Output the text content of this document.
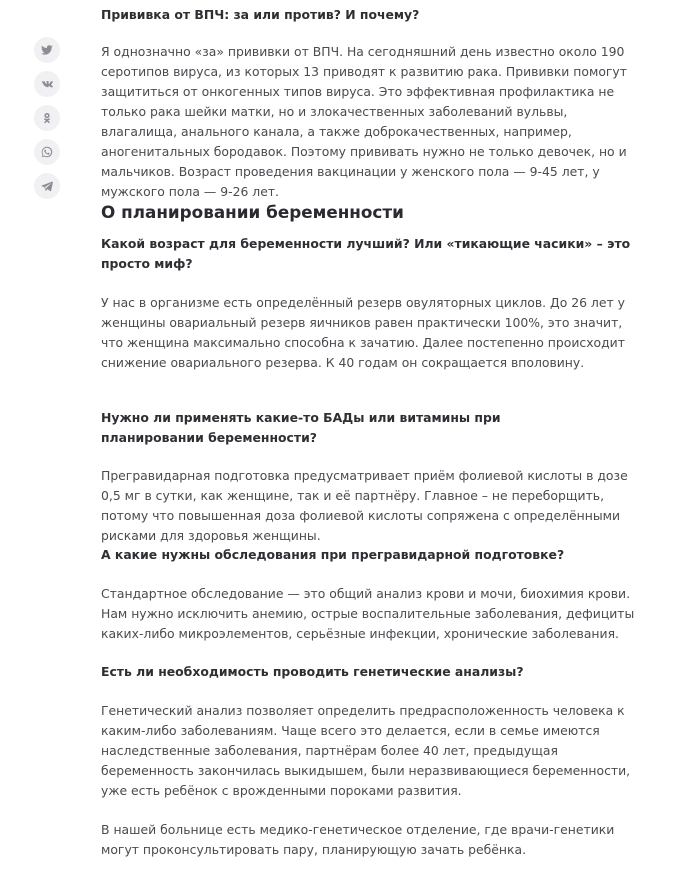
Прививка от ВПЧ: за или против? И почему?

Я однозначно «за» прививки от ВПЧ. На сегодняшний день известно около 190 серотипов вируса, из которых 13 приводят к развитию рака. Прививки помогут защититься от онкогенных типов вируса. Это эффективная профилактика не только рака шейки матки, но и злокачественных заболеваний вульвы, влагалища, анального канала, а также доброкачественных, например, аногенитальных бородавок. Поэтому прививать нужно не только девочек, но и мальчиков. Возраст проведения вакцинации у женского пола — 9-45 лет, у мужского пола — 9-26 лет.

О планировании беременности

Какой возраст для беременности лучший? Или «тикающие часики» – это просто миф?

У нас в организме есть определённый резерв овуляторных циклов. До 26 лет у женщины овариальный резерв яичников равен практически 100%, это значит, что женщина максимально способна к зачатию. Далее постепенно происходит снижение овариального резерва. К 40 годам он сокращается вполовину.

Нужно ли применять какие-то БАДы или витамины при планировании беременности?

Прегравидарная подготовка предусматривает приём фолиевой кислоты в дозе 0,5 мг в сутки, как женщине, так и её партнёру. Главное – не переборщить, потому что повышенная доза фолиевой кислоты сопряжена с определёнными рисками для здоровья женщины.

А какие нужны обследования при прегравидарной подготовке?

Стандартное обследование — это общий анализ крови и мочи, биохимия крови. Нам нужно исключить анемию, острые воспалительные заболевания, дефициты каких-либо микроэлементов, серьёзные инфекции, хронические заболевания.

Есть ли необходимость проводить генетические анализы?

Генетический анализ позволяет определить предрасположенность человека к каким-либо заболеваниям. Чаще всего это делается, если в семье имеются наследственные заболевания, партнёрам более 40 лет, предыдущая беременность закончилась выкидышем, были неразвивающиеся беременности, уже есть ребёнок с врожденными пороками развития.

В нашей больнице есть медико-генетическое отделение, где врачи-генетики могут проконсультировать пару, планирующую зачать ребёнка.
